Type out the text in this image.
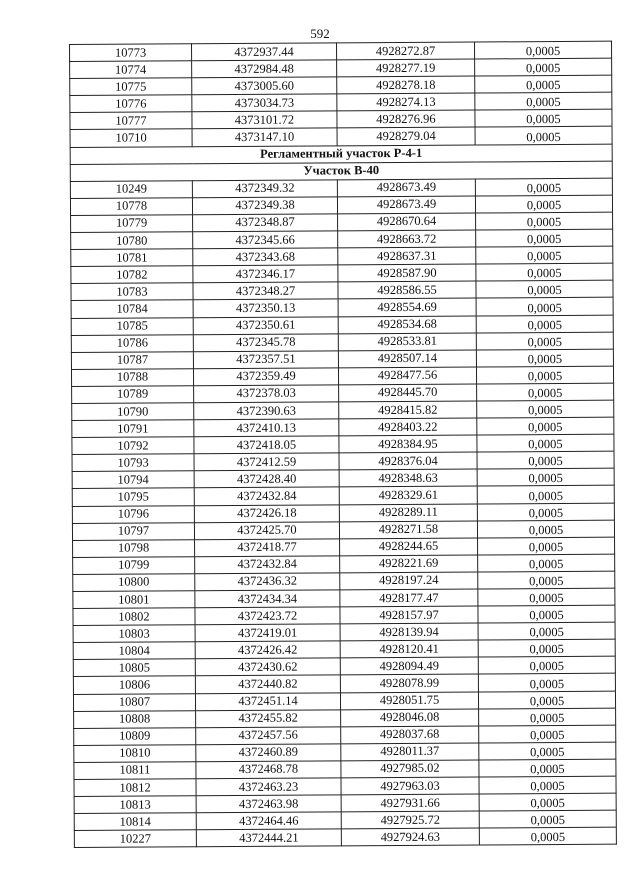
592
10773	4372937.44	4928272.87	0,0005
10774	4372984.48	4928277.19	0,0005
10775	4373005.60	4928278.18	0,0005
10776	4373034.73	4928274.13	0,0005
10777	4373101.72	4928276.96	0,0005
10710	4373147.10	4928279.04	0,0005
Регламентный участок Р-4-1			
Участок В-40			
10249	4372349.32	4928673.49	0,0005
10778	4372349.38	4928673.49	0,0005
10779	4372348.87	4928670.64	0,0005
10780	4372345.66	4928663.72	0,0005
10781	4372343.68	4928637.31	0,0005
10782	4372346.17	4928587.90	0,0005
10783	4372348.27	4928586.55	0,0005
10784	4372350.13	4928554.69	0,0005
10785	4372350.61	4928534.68	0,0005
10786	4372345.78	4928533.81	0,0005
10787	4372357.51	4928507.14	0,0005
10788	4372359.49	4928477.56	0,0005
10789	4372378.03	4928445.70	0,0005
10790	4372390.63	4928415.82	0,0005
10791	4372410.13	4928403.22	0,0005
10792	4372418.05	4928384.95	0,0005
10793	4372412.59	4928376.04	0,0005
10794	4372428.40	4928348.63	0,0005
10795	4372432.84	4928329.61	0,0005
10796	4372426.18	4928289.11	0,0005
10797	4372425.70	4928271.58	0,0005
10798	4372418.77	4928244.65	0,0005
10799	4372432.84	4928221.69	0,0005
10800	4372436.32	4928197.24	0,0005
10801	4372434.34	4928177.47	0,0005
10802	4372423.72	4928157.97	0,0005
10803	4372419.01	4928139.94	0,0005
10804	4372426.42	4928120.41	0,0005
10805	4372430.62	4928094.49	0,0005
10806	4372440.82	4928078.99	0,0005
10807	4372451.14	4928051.75	0,0005
10808	4372455.82	4928046.08	0,0005
10809	4372457.56	4928037.68	0,0005
10810	4372460.89	4928011.37	0,0005
10811	4372468.78	4927985.02	0,0005
10812	4372463.23	4927963.03	0,0005
10813	4372463.98	4927931.66	0,0005
10814	4372464.46	4927925.72	0,0005
10227	4372444.21	4927924.63	0,0005
